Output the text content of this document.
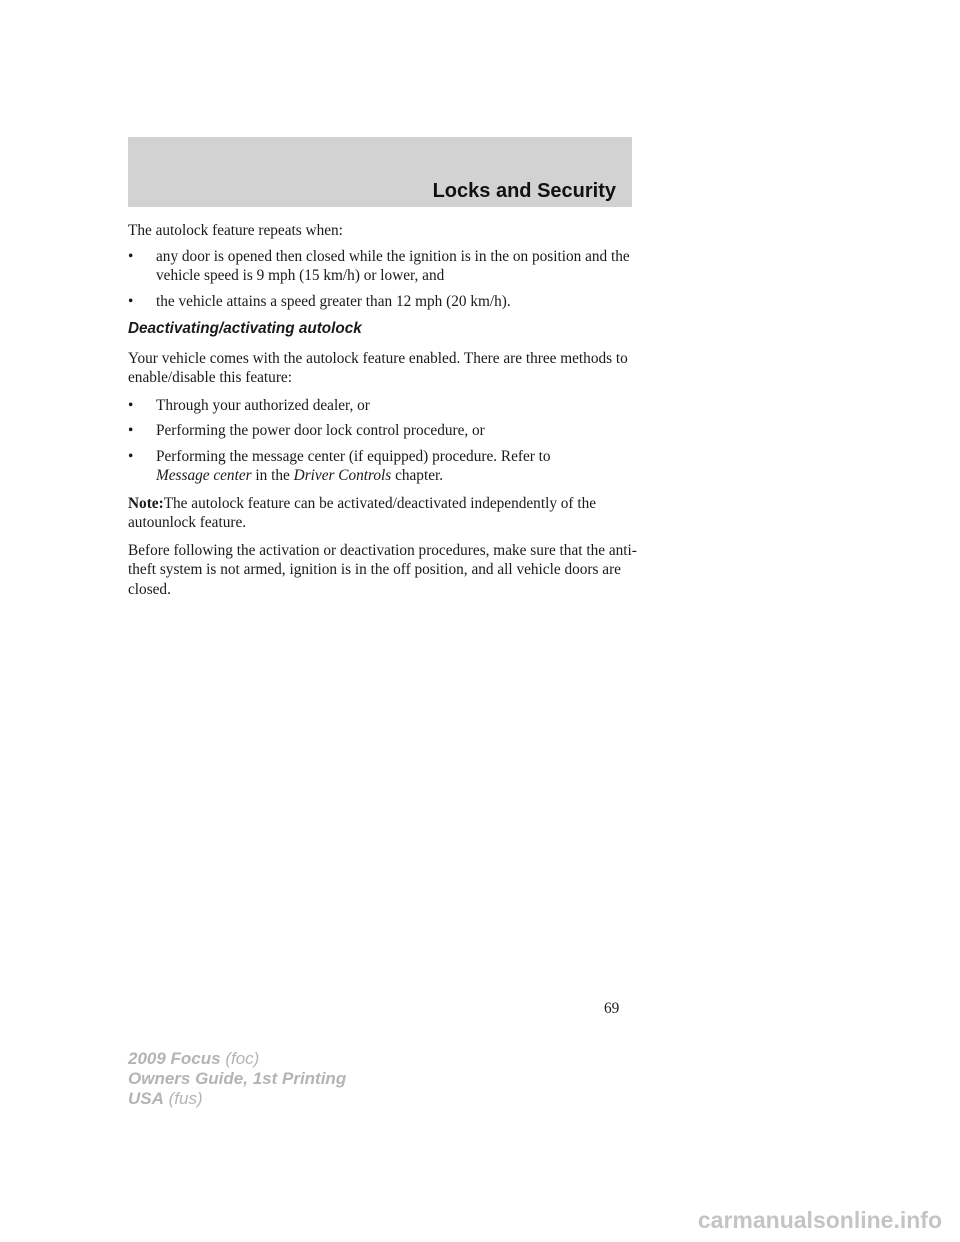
Locks and Security

The autolock feature repeats when:

• any door is opened then closed while the ignition is in the on position and the vehicle speed is 9 mph (15 km/h) or lower, and
• the vehicle attains a speed greater than 12 mph (20 km/h).

Deactivating/activating autolock

Your vehicle comes with the autolock feature enabled. There are three methods to enable/disable this feature:

• Through your authorized dealer, or
• Performing the power door lock control procedure, or
• Performing the message center (if equipped) procedure. Refer to
Message center in the Driver Controls chapter.

Note:The autolock feature can be activated/deactivated independently of the autounlock feature.

Before following the activation or deactivation procedures, make sure that the anti-theft system is not armed, ignition is in the off position, and all vehicle doors are closed.

69
2009 Focus (foc)
Owners Guide, 1st Printing
USA (fus)
carmanualsonline.info
